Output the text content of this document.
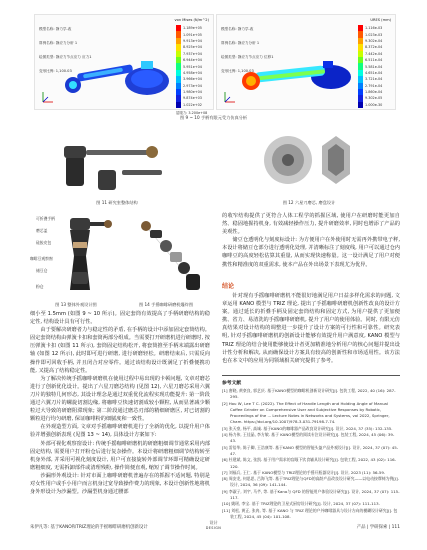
模型名称: 静力学-改

算例名称: 静应力分析 1

绘图类型: 静应力节点应力 应力1

变形比例: 1,100.03

von Mises (N/m^2)
1.189e+05
1.091e+05
9.913e+04
8.925e+04
7.937e+04
6.944e+04
5.951e+04
4.958e+04
3.966e+04
2.973e+04
1.980e+04
9.874e+03
1.022e+02
屈服力: 3.200e+08

模型名称: 静力学-改

算例名称: 静应力分析 1

绘图类型: 静应力节点应力 位移1

变形比例: 1,100.03

URES (mm)
1.116e-03
1.023e-03
9.302e-04
8.372e-04
7.442e-04
6.511e-04
5.581e-04
4.651e-04
3.721e-04
2.791e-04
1.860e-04
9.302e-05
1.000e-30
图 9 ~ 10 手柄有限元受力仿真分析
图 11 研究室整体结构	图 12 六星刀磨芯, 磨盘设计
可折叠手柄
磨芯盖
硅胶皮包
咖啡豆观察窗
储豆仓
粉仓
图 13 整体外观设计图	图 14 手摇咖啡研磨机爆炸图

细小至 1.5mm (如图 9 ~ 10 所示)。固定套筒有效提高了手柄研磨结构的稳定性, 结构设计具有可行性。

由于要解决研磨者力与稳定性的矛盾, 在手柄的设计中添加固定套筒结构。固定套筒结构由弹簧卡扣和套筒两部分组成。当需要打开研磨机进行研磨时, 按压弹簧卡扣 (如图 11 所示), 套筒固定结构松开, 将套筒推至手柄末端露出研磨轴 (如图 12 所示), 此时即可进行研磨, 进行研磨轻松。研磨结束后, 只需反向操作即可回收手柄, 并且闭合对应零件。通过该结构设计既满足了折叠便携功能, 又提高了结构稳定性。

为了解决传统手摇咖啡研磨机在使用过程中易出现的卡顿问题, 文章对磨芯进行了创新优化设计。提出了六星刀磨芯结构 (见图 12), 六星刀磨芯采用六翼刀片的独特几何形态, 其设计理念是通过双重优化流程实现功能提升: 第一阶段通过六翼刀片的螺旋切割边缘, 将咖啡豆快速切割成较小颗粒, 从而显著减少颗粒过大导致的研磨阻滞现象; 第二阶段通过磨芯刃部的精细研磨区, 对已切割的颗粒进行均匀研磨, 保证咖啡粉的细腻度和一致性。

在外观造型方面, 文章对手摇咖啡研磨机进行了全新的优化, 以提升用户体验并增强创新表现 (见图 13 ~ 14), 具体设计方案如下:

外部可视化观察窗设计: 传统手摇咖啡研磨机的研磨粗细调节通常采用内部固定结构, 需要用户打开粉仓后进行复杂操作。本设计将研磨粗细调节结构转至机身外部, 并采用可视化刻度设计, 用户可直接旋转外部调节环即可精确设定研磨粗细度, 无需拆卸部件或清理残粉, 操作简便直观, 缩短了调节操作时间。

沙漏形外观设计: 针对市面上咖啡研磨机普遍存在的抓握不适问题, 特别是对女性用户或手小用户而言机身过宽导致操作费力的现象, 本设计创新性地将机身外形设计为沙漏型。沙漏型机身通过腰部

的收窄结构提供了更符合人体工程学的抓握区域, 使用户在研磨时能更加自然、稳固地握持机身, 有效减轻操作压力, 提升研磨效率, 同时也增添了产品的美观性。

储豆仓透明化与刻度标设计: 为方便用户在外使用时无需再外携带电子秤, 本设计将储豆仓部分进行透明化处理, 并清晰标注了刻度线, 用户可以通过仓内咖啡豆的高度轻松估算其重量, 从而实现快速称量。这一设计满足了用户对便携性和精准度的双重需求, 使本产品在外出场景下表现尤为优异。

结论

针对现有手摇咖啡研磨机不能很好地满足用户日益多样化需求的问题, 文章运用 KANO 模型与 TRIZ 理论, 提出了手摇咖啡研磨机创新性改良的设计方案。通过延长的折叠手柄及固定套筒结构和固定方式, 为用户提供了更加便携、省力、易清洗的手摇咖啡研磨机, 提升了用户的使用体验。同时, 有限元仿真结果对设计结构的调整进一步提升了设计方案的可行性和可靠性。研究表明, 针对手摇咖啡研磨机的创新设计能够有效提升用户满意度, KANO 模型与 TRIZ 理论的结合使用能够使设计者更加精准地分析用户的核心问题并提出设计性分析和解决, 从而确保设计方案具有较高的创新性和市场适用性。该方法也在本文中的应用为同领域相关研究提供了参考。

参考文献
[1] 唐晓, 黄豪良, 郭艺庆. 基于KANO模型的咖啡机创新设计研究[J]. 包装工程, 2022, 40 (16): 287-295.
[2] Hou W, Lee T C. (2022). The Effect of Handle Length and Holding Angle of Manual Coffee Grinder on Comprehensive User and Subjective Responses by Robotic, Proceedings of the ... Lecture Notes in Networks and Systems, vol 2022, Springer, Cham. https://doi.org/10.1007/978-3-031-79198-7-74.
[3] 张天豪, 杨平, 高诚. 基于KANO的咖啡器产品改良设计研究[J]. 设计, 2024, 37 (35): 132-135.
[4] 杨力伟, 王佳晶, 李方敏. 基于 KANO模型的阅读专注设计研究[J]. 包装工程, 2024, 45 (06): 39-43.
[5] 雷倍华, 陈子卿, 王浩康等. 基于KANO 模型的智能头盔产品外观设计[J]. 设计, 2024, 37 (07): 45-47.
[6] 杜建斌, 陈文, 张凯. 基于用户需求的盲眼下饮食辅具设计研究[J]. 包装工程, 2022, 43 (02): 116-120.
[7] 刘福兵, 王仁. 基于 KANO模型与 TRIZ理论的手摇开瓶器设计[J]. 设计, 2023 (11): 56-59.
[8] 周安龙, 何思思, 吕海飞等. 基于TRIZ理论与QFD的高龄产品改良设计研究——以电动按摩椅为例[J]. 设计, 2024, 36 (09): 141-144.
[9] 李淑子, 刘宇, 马芊, 等. 基于Kano与 QFD 的智能用户体验设计研究[J]. 设计, 2024, 37 (07): 115-117.
[10] 姚瑶, 李宝. 基于 TRIZ理论的卫星式厨房设计研究[J]. 设计, 2024, 37 (07): 111-113.
[11] 刘松, 黄正, 张冉, 等. 基于 KANO 与 TRIZ 理论的户外咖啡器具与设计方向的模糊设计研究[J]. 包装工程, 2024, 45 (04): 101-108.
朱伊凡等: 基于KANO和TRIZ理论的手摇咖啡研磨机创新设计
设计
DESIGN	产品 | 学研探索 | 111
